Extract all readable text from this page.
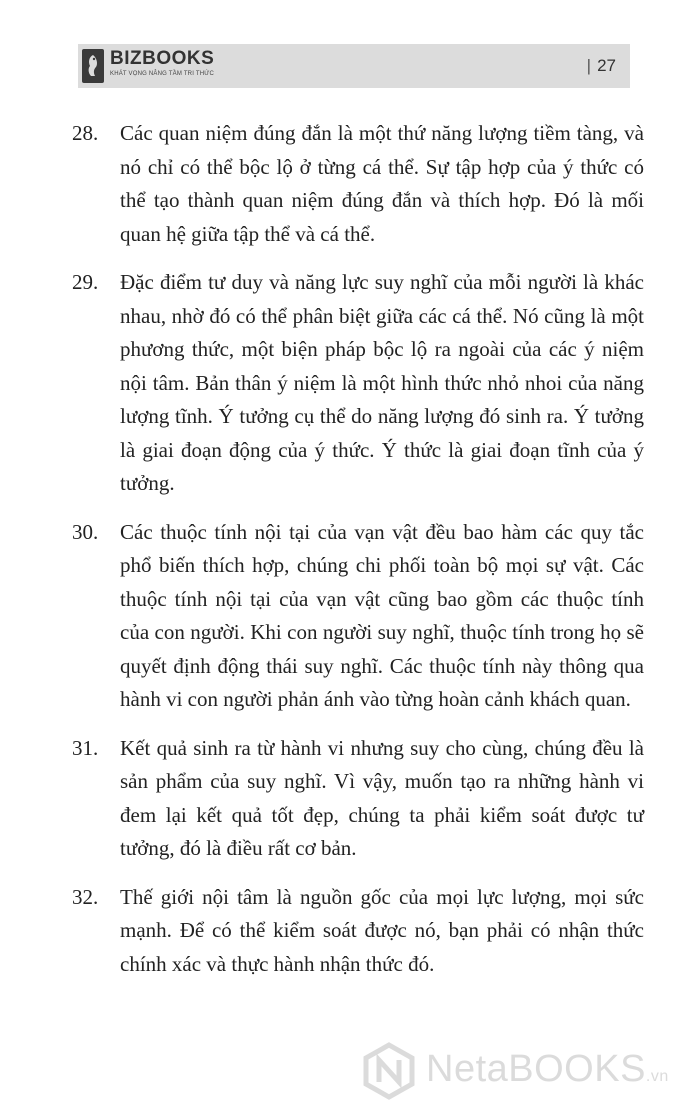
BIZBOOKS
KHÁT VỌNG NÂNG TẦM TRI THỨC	| 27
28.	Các quan niệm đúng đắn là một thứ năng lượng tiềm tàng, và nó chỉ có thể bộc lộ ở từng cá thể. Sự tập hợp của ý thức có thể tạo thành quan niệm đúng đắn và thích hợp. Đó là mối quan hệ giữa tập thể và cá thể.
29.	Đặc điểm tư duy và năng lực suy nghĩ của mỗi người là khác nhau, nhờ đó có thể phân biệt giữa các cá thể. Nó cũng là một phương thức, một biện pháp bộc lộ ra ngoài của các ý niệm nội tâm. Bản thân ý niệm là một hình thức nhỏ nhoi của năng lượng tĩnh. Ý tưởng cụ thể do năng lượng đó sinh ra. Ý tưởng là giai đoạn động của ý thức. Ý thức là giai đoạn tĩnh của ý tưởng.
30.	Các thuộc tính nội tại của vạn vật đều bao hàm các quy tắc phổ biến thích hợp, chúng chi phối toàn bộ mọi sự vật. Các thuộc tính nội tại của vạn vật cũng bao gồm các thuộc tính của con người. Khi con người suy nghĩ, thuộc tính trong họ sẽ quyết định động thái suy nghĩ. Các thuộc tính này thông qua hành vi con người phản ánh vào từng hoàn cảnh khách quan.
31.	Kết quả sinh ra từ hành vi nhưng suy cho cùng, chúng đều là sản phẩm của suy nghĩ. Vì vậy, muốn tạo ra những hành vi đem lại kết quả tốt đẹp, chúng ta phải kiểm soát được tư tưởng, đó là điều rất cơ bản.
32.	Thế giới nội tâm là nguồn gốc của mọi lực lượng, mọi sức mạnh. Để có thể kiểm soát được nó, bạn phải có nhận thức chính xác và thực hành nhận thức đó.
NetaBOOKS.vn
